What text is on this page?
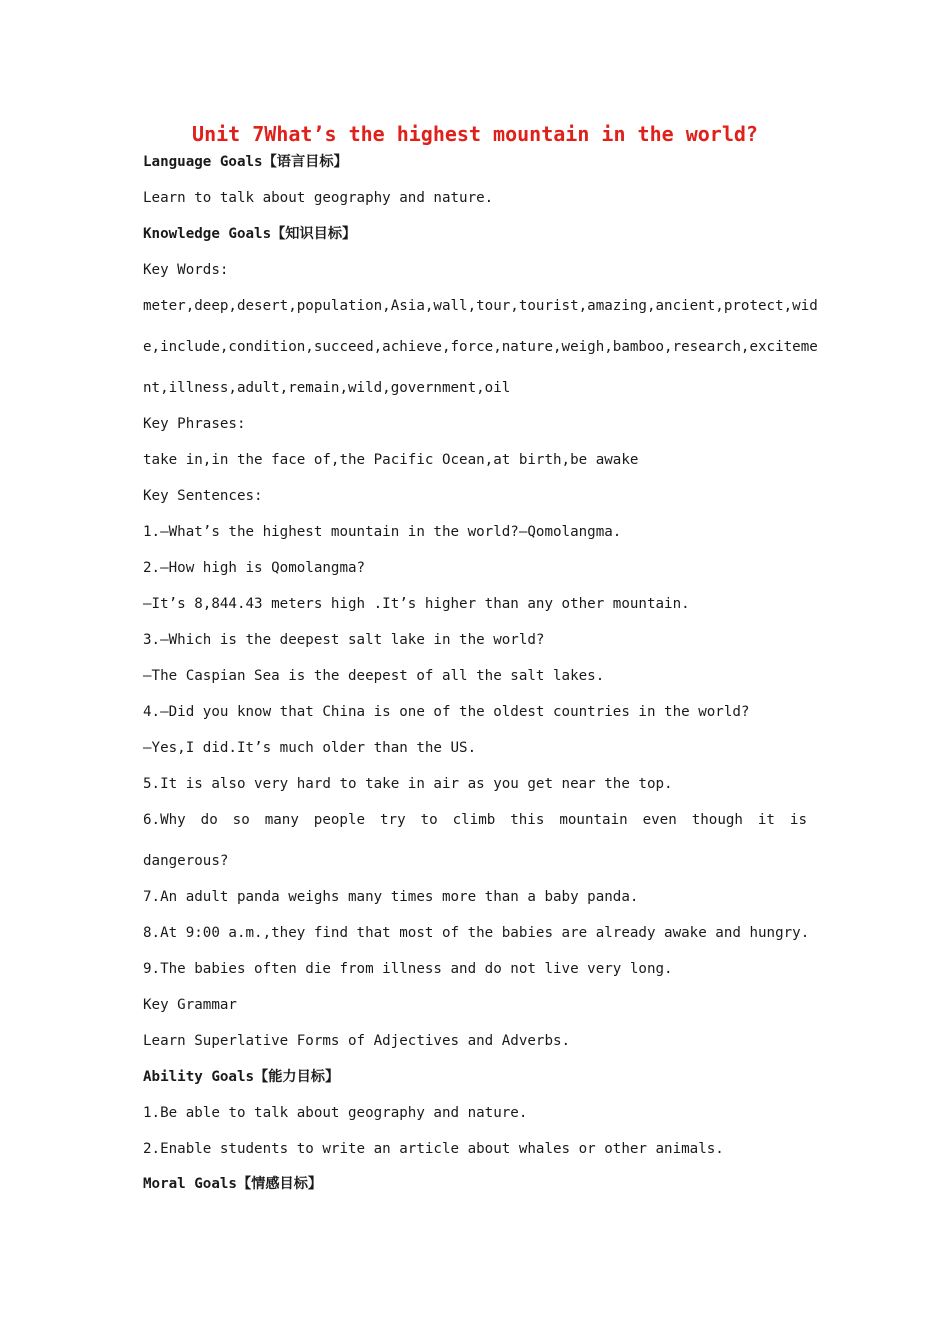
Unit 7What’s the highest mountain in the world?
Language Goals【语言目标】
Learn to talk about geography and nature.
Knowledge Goals【知识目标】
Key Words:
meter,deep,desert,population,Asia,wall,tour,tourist,amazing,ancient,protect,wid
e,include,condition,succeed,achieve,force,nature,weigh,bamboo,research,exciteme
nt,illness,adult,remain,wild,government,oil
Key Phrases:
take in,in the face of,the Pacific Ocean,at birth,be awake
Key Sentences:
1.—What’s the highest mountain in the world?—Qomolangma.
2.—How high is Qomolangma?
—It’s 8,844.43 meters high .It’s higher than any other mountain.
3.—Which is the deepest salt lake in the world?
—The Caspian Sea is the deepest of all the salt lakes.
4.—Did you know that China is one of the oldest countries in the world?
—Yes,I did.It’s much older than the US.
5.It is also very hard to take in air as you get near the top.
6.Why do so many people try to climb this mountain even though it is
dangerous?
7.An adult panda weighs many times more than a baby panda.
8.At 9:00 a.m.,they find that most of the babies are already awake and hungry.
9.The babies often die from illness and do not live very long.
Key Grammar
Learn Superlative Forms of Adjectives and Adverbs.
Ability Goals【能力目标】
1.Be able to talk about geography and nature.
2.Enable students to write an article about whales or other animals.
Moral Goals【情感目标】
